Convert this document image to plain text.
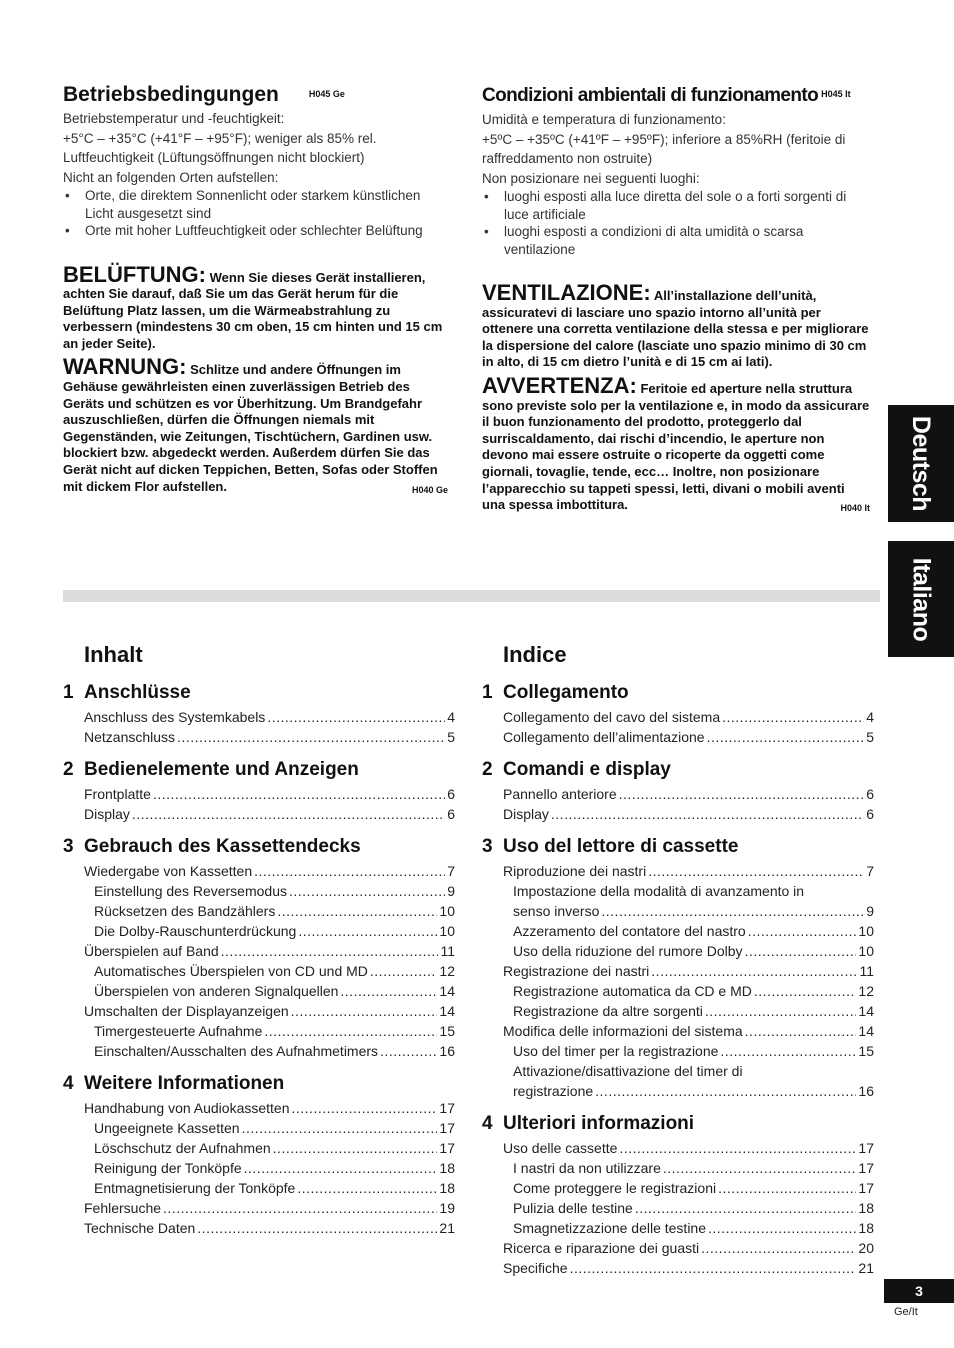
Betriebsbedingungen	H045 Ge

Betriebstemperatur und -feuchtigkeit:
+5°C – +35°C (+41°F – +95°F); weniger als 85% rel. Luftfeuchtigkeit (Lüftungsöffnungen nicht blockiert)
Nicht an folgenden Orten aufstellen:

• Orte, die direktem Sonnenlicht oder starkem künstlichen Licht ausgesetzt sind
• Orte mit hoher Luftfeuchtigkeit oder schlechter Belüftung

BELÜFTUNG: Wenn Sie dieses Gerät installieren, achten Sie darauf, daß Sie um das Gerät herum für die Belüftung Platz lassen, um die Wärmeabstrahlung zu verbessern (mindestens 30 cm oben, 15 cm hinten und 15 cm an jeder Seite).

WARNUNG: Schlitze und andere Öffnungen im Gehäuse gewährleisten einen zuverlässigen Betrieb des Geräts und schützen es vor Überhitzung. Um Brandgefahr auszuschließen, dürfen die Öffnungen niemals mit Gegenständen, wie Zeitungen, Tischtüchern, Gardinen usw. blockiert bzw. abgedeckt werden. Außerdem dürfen Sie das Gerät nicht auf dicken Teppichen, Betten, Sofas oder Stoffen mit dickem Flor aufstellen.	H040 Ge

Condizioni ambientali di funzionamento $^{H045 It}$

Umidità e temperatura di funzionamento:
+5ºC – +35ºC (+41ºF – +95ºF); inferiore a 85%RH (feritoie di raffreddamento non ostruite)
Non posizionare nei seguenti luoghi:

• luoghi esposti alla luce diretta del sole o a forti sorgenti di luce artificiale
• luoghi esposti a condizioni di alta umidità o scarsa ventilazione

VENTILAZIONE: All’installazione dell’unità, assicuratevi di lasciare uno spazio intorno all’unità per ottenere una corretta ventilazione della stessa e per migliorare la dispersione del calore (lasciate uno spazio minimo di 30 cm in alto, di 15 cm dietro l’unità e di 15 cm ai lati).

AVVERTENZA: Feritoie ed aperture nella struttura sono previste solo per la ventilazione e, in modo da assicurare il buon funzionamento del prodotto, proteggerlo dal surriscaldamento, dai rischi d’incendio, le aperture non devono mai essere ostruite o ricoperte da oggetti come giornali, tovaglie, tende, ecc… Inoltre, non posizionare l’apparecchio su tappeti spessi, letti, divani o mobili aventi una spessa imbottitura.	H040 It Deutsch
Italiano
Inhalt
1 Anschlüsse
Anschluss des Systemkabels .....	4
Netzanschluss .....	5
2 Bedienelemente und Anzeigen
Frontplatte .....	6
Display .....	6
3 Gebrauch des Kassettendecks
Wiedergabe von Kassetten .....	7
Einstellung des Reversemodus .....	9
Rücksetzen des Bandzählers .....	10
Die Dolby-Rauschunterdrückung .....	10
Überspielen auf Band .....	11
Automatisches Überspielen von CD und MD .....	12
Überspielen von anderen Signalquellen .....	14
Umschalten der Displayanzeigen .....	14
Timergesteuerte Aufnahme .....	15
Einschalten/Ausschalten des Aufnahmetimers .....	16
4 Weitere Informationen
Handhabung von Audiokassetten .....	17
Ungeeignete Kassetten .....	17
Löschschutz der Aufnahmen .....	17
Reinigung der Tonköpfe .....	18
Entmagnetisierung der Tonköpfe .....	18
Fehlersuche .....	19
Technische Daten .....	21
Indice
1 Collegamento
Collegamento del cavo del sistema .....	4
Collegamento dell’alimentazione .....	5
2 Comandi e display
Pannello anteriore .....	6
Display .....	6
3 Uso del lettore di cassette
Riproduzione dei nastri .....	7
Impostazione della modalità di avanzamento in
senso inverso .....	9
Azzeramento del contatore del nastro .....	10
Uso della riduzione del rumore Dolby .....	10
Registrazione dei nastri .....	11
Registrazione automatica da CD e MD .....	12
Registrazione da altre sorgenti .....	14
Modifica delle informazioni del sistema .....	14
Uso del timer per la registrazione .....	15
Attivazione/disattivazione del timer di
registrazione .....	16
4 Ulteriori informazioni
Uso delle cassette .....	17
I nastri da non utilizzare .....	17
Come proteggere le registrazioni .....	17
Pulizia delle testine .....	18
Smagnetizzazione delle testine .....	18
Ricerca e riparazione dei guasti .....	20
Specifiche .....	21
3
Ge/It
